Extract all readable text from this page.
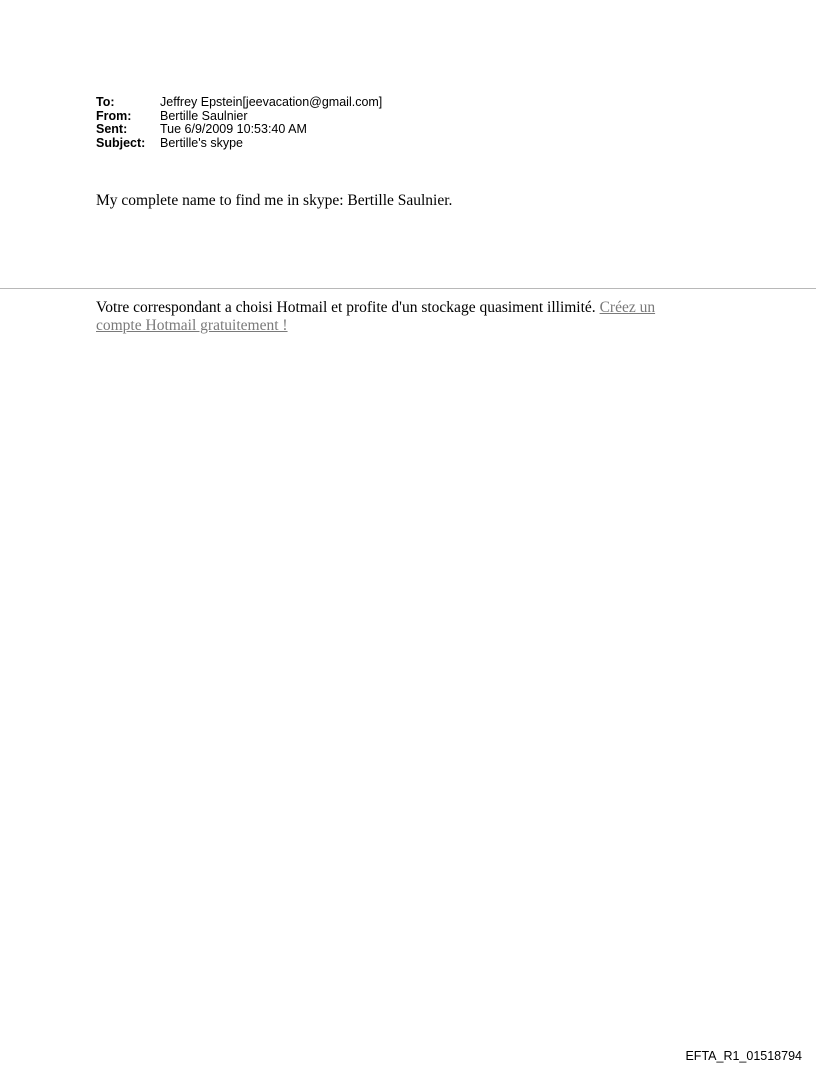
To:	Jeffrey Epstein[jeevacation@gmail.com]
From:	Bertille Saulnier
Sent:	Tue 6/9/2009 10:53:40 AM
Subject:	Bertille's skype
My complete name to find me in skype: Bertille Saulnier.
Votre correspondant a choisi Hotmail et profite d'un stockage quasiment illimité. Créez un compte Hotmail gratuitement !
EFTA_R1_01518794
